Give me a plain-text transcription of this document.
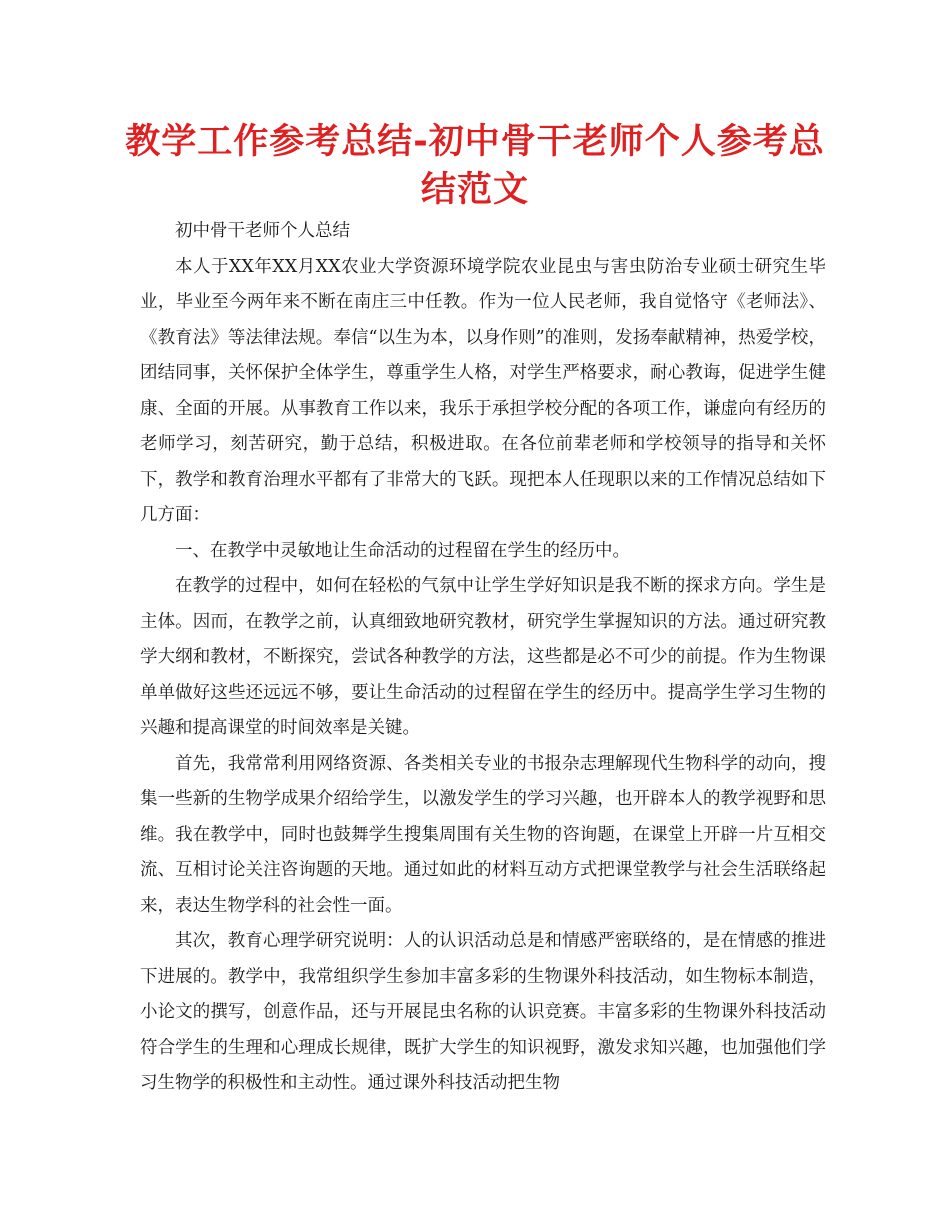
教学工作参考总结-初中骨干老师个人参考总结范文

初中骨干老师个人总结

本人于XX年XX月XX农业大学资源环境学院农业昆虫与害虫防治专业硕士研究生毕业，毕业至今两年来不断在南庄三中任教。作为一位人民老师，我自觉恪守《老师法》、《教育法》等法律法规。奉信“以生为本，以身作则”的准则，发扬奉献精神，热爱学校，团结同事，关怀保护全体学生，尊重学生人格，对学生严格要求，耐心教诲，促进学生健康、全面的开展。从事教育工作以来，我乐于承担学校分配的各项工作，谦虚向有经历的老师学习，刻苦研究，勤于总结，积极进取。在各位前辈老师和学校领导的指导和关怀下，教学和教育治理水平都有了非常大的飞跃。现把本人任现职以来的工作情况总结如下几方面：

一、在教学中灵敏地让生命活动的过程留在学生的经历中。

在教学的过程中，如何在轻松的气氛中让学生学好知识是我不断的探求方向。学生是主体。因而，在教学之前，认真细致地研究教材，研究学生掌握知识的方法。通过研究教学大纲和教材，不断探究，尝试各种教学的方法，这些都是必不可少的前提。作为生物课单单做好这些还远远不够，要让生命活动的过程留在学生的经历中。提高学生学习生物的兴趣和提高课堂的时间效率是关键。

首先，我常常利用网络资源、各类相关专业的书报杂志理解现代生物科学的动向，搜集一些新的生物学成果介绍给学生，以激发学生的学习兴趣，也开辟本人的教学视野和思维。我在教学中，同时也鼓舞学生搜集周围有关生物的咨询题，在课堂上开辟一片互相交流、互相讨论关注咨询题的天地。通过如此的材料互动方式把课堂教学与社会生活联络起来，表达生物学科的社会性一面。

其次，教育心理学研究说明：人的认识活动总是和情感严密联络的，是在情感的推进下进展的。教学中，我常组织学生参加丰富多彩的生物课外科技活动，如生物标本制造，小论文的撰写，创意作品，还与开展昆虫名称的认识竞赛。丰富多彩的生物课外科技活动符合学生的生理和心理成长规律，既扩大学生的知识视野，激发求知兴趣，也加强他们学习生物学的积极性和主动性。通过课外科技活动把生物
